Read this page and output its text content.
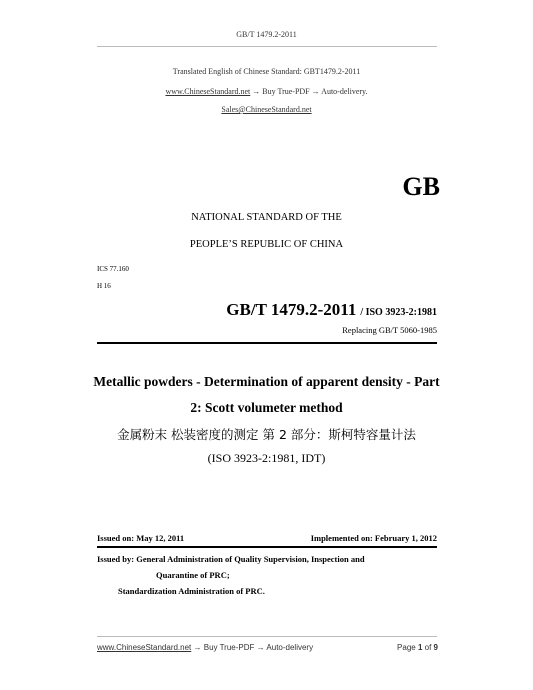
GB/T 1479.2-2011
Translated English of Chinese Standard: GBT1479.2-2011
www.ChineseStandard.net → Buy True-PDF → Auto-delivery.
Sales@ChineseStandard.net
GB
NATIONAL STANDARD OF THE
PEOPLE’S REPUBLIC OF CHINA
ICS 77.160
H 16
GB/T 1479.2-2011 / ISO 3923-2:1981
Replacing GB/T 5060-1985
Metallic powders - Determination of apparent density - Part
2: Scott volumeter method
金属粉末 松装密度的测定 第 2 部分：斯柯特容量计法
(ISO 3923-2:1981, IDT)
Issued on: May 12, 2011	Implemented on: February 1, 2012
Issued by: General Administration of Quality Supervision, Inspection and
Quarantine of PRC;
Standardization Administration of PRC.
www.ChineseStandard.net → Buy True-PDF → Auto-delivery	Page 1 of 9
